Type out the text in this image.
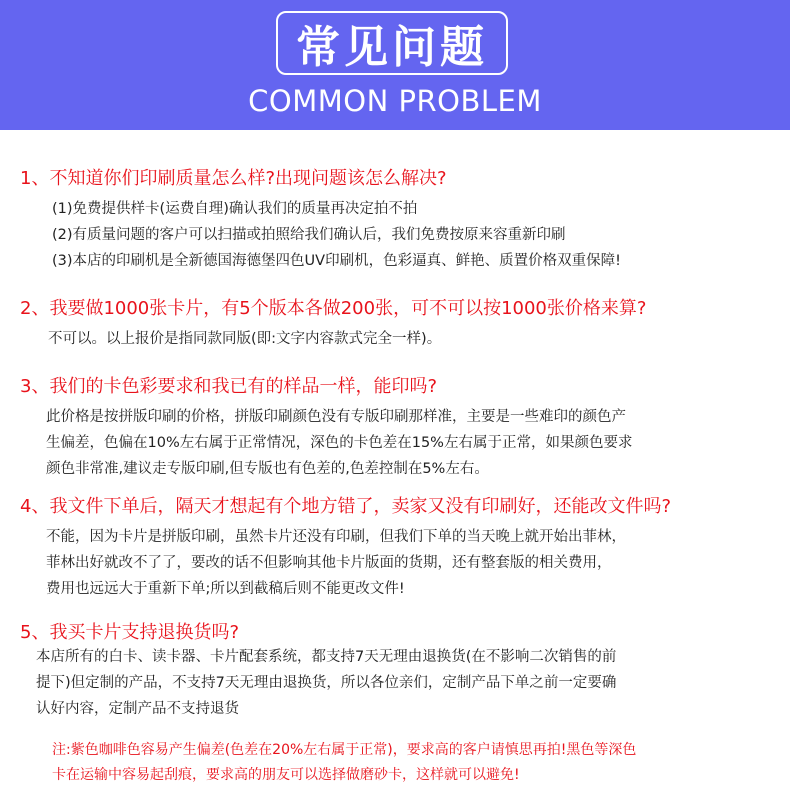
常见问题
COMMON PROBLEM
1、不知道你们印刷质量怎么样?出现问题该怎么解决?
(1)免费提供样卡(运费自理)确认我们的质量再决定拍不拍
(2)有质量问题的客户可以扫描或拍照给我们确认后，我们免费按原来容重新印刷
(3)本店的印刷机是全新德国海德堡四色UV印刷机，色彩逼真、鲜艳、质置价格双重保障!
2、我要做1000张卡片，有5个版本各做200张，可不可以按1000张价格来算?
不可以。以上报价是指同款同版(即:文字内容款式完全一样)。
3、我们的卡色彩要求和我已有的样品一样，能印吗?
此价格是按拼版印刷的价格，拼版印刷颜色没有专版印刷那样准，主要是一些难印的颜色产
生偏差，色偏在10%左右属于正常情况，深色的卡色差在15%左右属于正常，如果颜色要求
颜色非常准,建议走专版印刷,但专版也有色差的,色差控制在5%左右。
4、我文件下单后，隔天才想起有个地方错了，卖家又没有印刷好，还能改文件吗?
不能，因为卡片是拼版印刷，虽然卡片还没有印刷，但我们下单的当天晚上就开始出菲林，
菲林出好就改不了了，要改的话不但影响其他卡片版面的货期，还有整套版的相关费用，
费用也远远大于重新下单;所以到截稿后则不能更改文件!
5、我买卡片支持退换货吗?
本店所有的白卡、读卡器、卡片配套系统，都支持7天无理由退换货(在不影响二次销售的前
提下)但定制的产品，不支持7天无理由退换货，所以各位亲们，定制产品下单之前一定要确
认好内容，定制产品不支持退货
注:紫色咖啡色容易产生偏差(色差在20%左右属于正常)，要求高的客户请慎思再拍!黑色等深色
卡在运输中容易起刮痕，要求高的朋友可以选择做磨砂卡，这样就可以避免!
